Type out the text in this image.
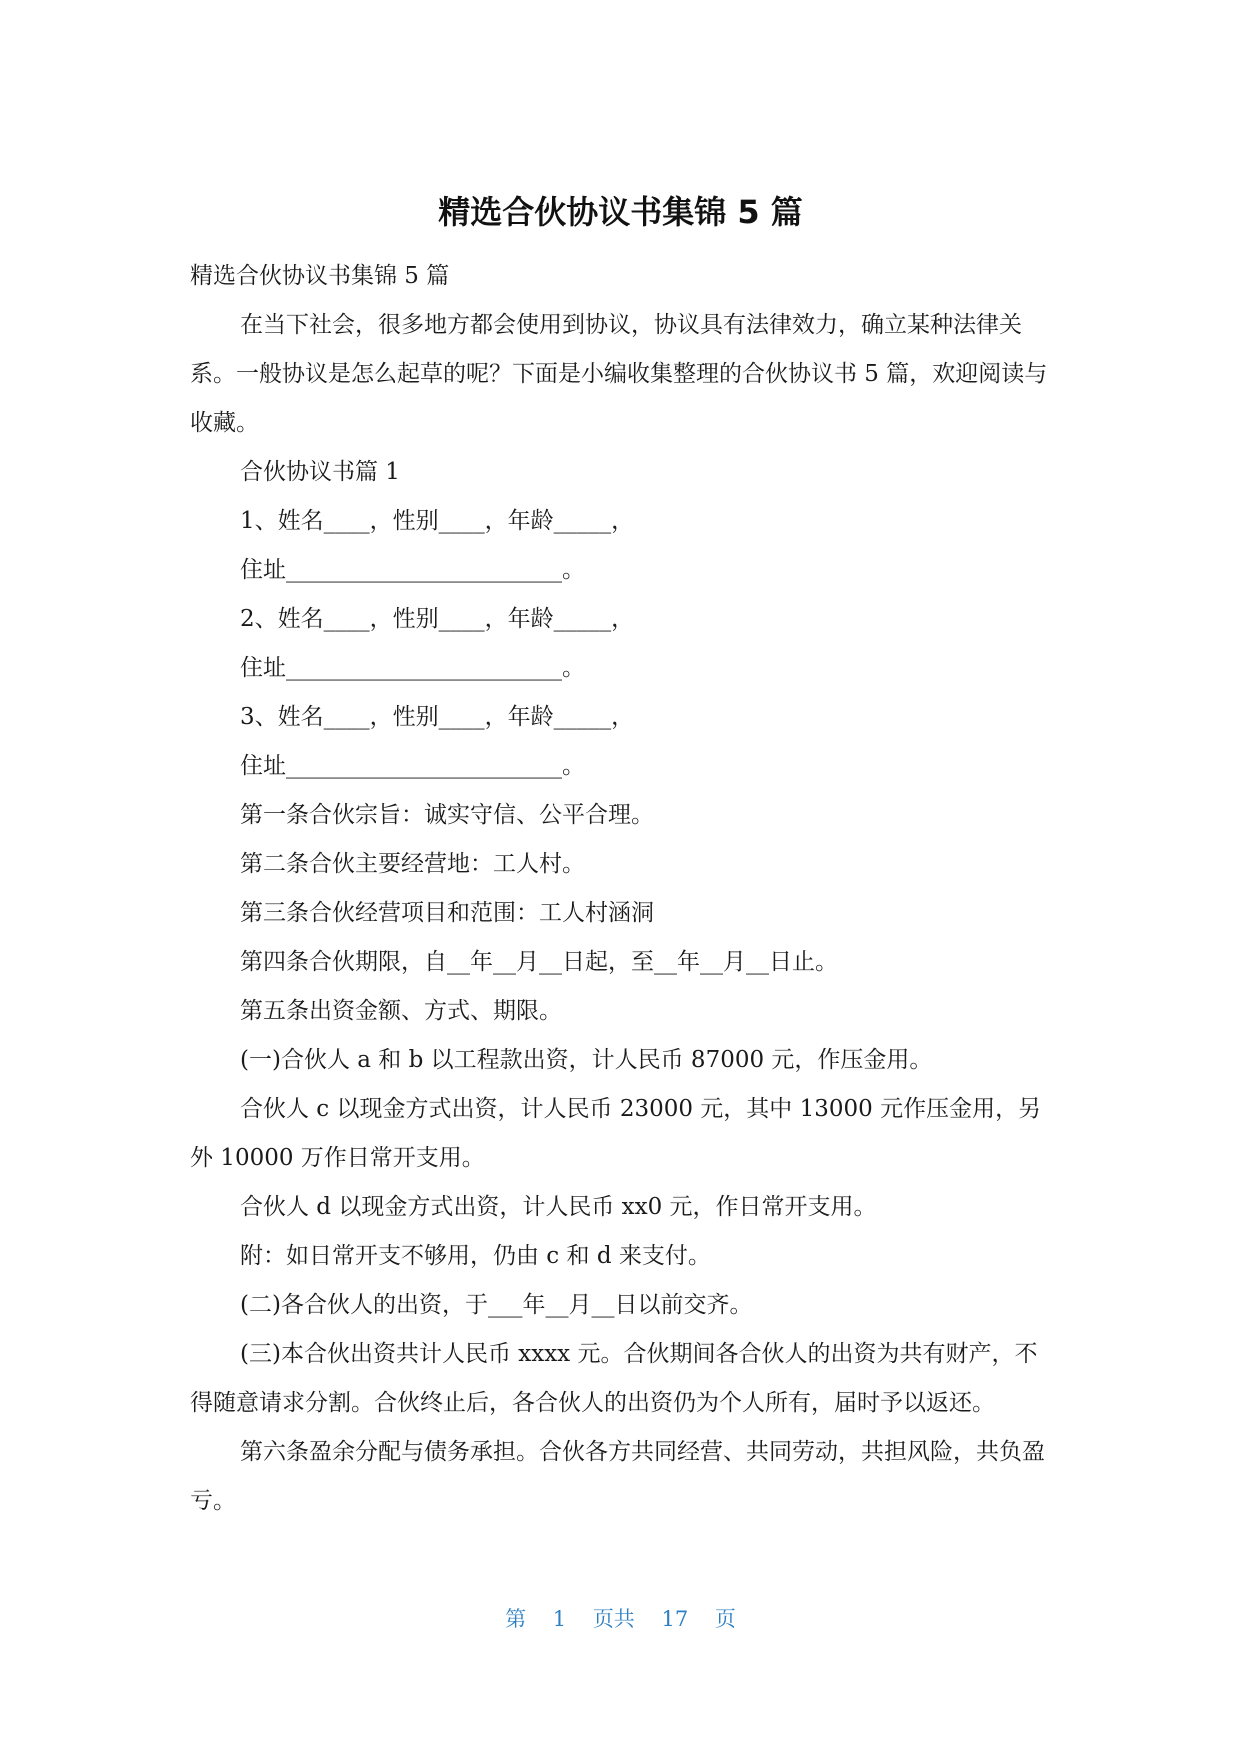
精选合伙协议书集锦 5 篇

精选合伙协议书集锦 5 篇

在当下社会，很多地方都会使用到协议，协议具有法律效力，确立某种法律关系。一般协议是怎么起草的呢？下面是小编收集整理的合伙协议书 5 篇，欢迎阅读与收藏。

合伙协议书篇 1

1、姓名____，性别____，年龄_____，

住址________________________。

2、姓名____，性别____，年龄_____，

住址________________________。

3、姓名____，性别____，年龄_____，

住址________________________。

第一条合伙宗旨：诚实守信、公平合理。

第二条合伙主要经营地：工人村。

第三条合伙经营项目和范围：工人村涵洞

第四条合伙期限，自__年__月__日起，至__年__月__日止。

第五条出资金额、方式、期限。

(一)合伙人 a 和 b 以工程款出资，计人民币 87000 元，作压金用。

合伙人 c 以现金方式出资，计人民币 23000 元，其中 13000 元作压金用，另外 10000 万作日常开支用。

合伙人 d 以现金方式出资，计人民币 xx0 元，作日常开支用。

附：如日常开支不够用，仍由 c 和 d 来支付。

(二)各合伙人的出资，于___年__月__日以前交齐。

(三)本合伙出资共计人民币 xxxx 元。合伙期间各合伙人的出资为共有财产，不得随意请求分割。合伙终止后，各合伙人的出资仍为个人所有，届时予以返还。

第六条盈余分配与债务承担。合伙各方共同经营、共同劳动，共担风险，共负盈亏。

第 1 页共 17 页
